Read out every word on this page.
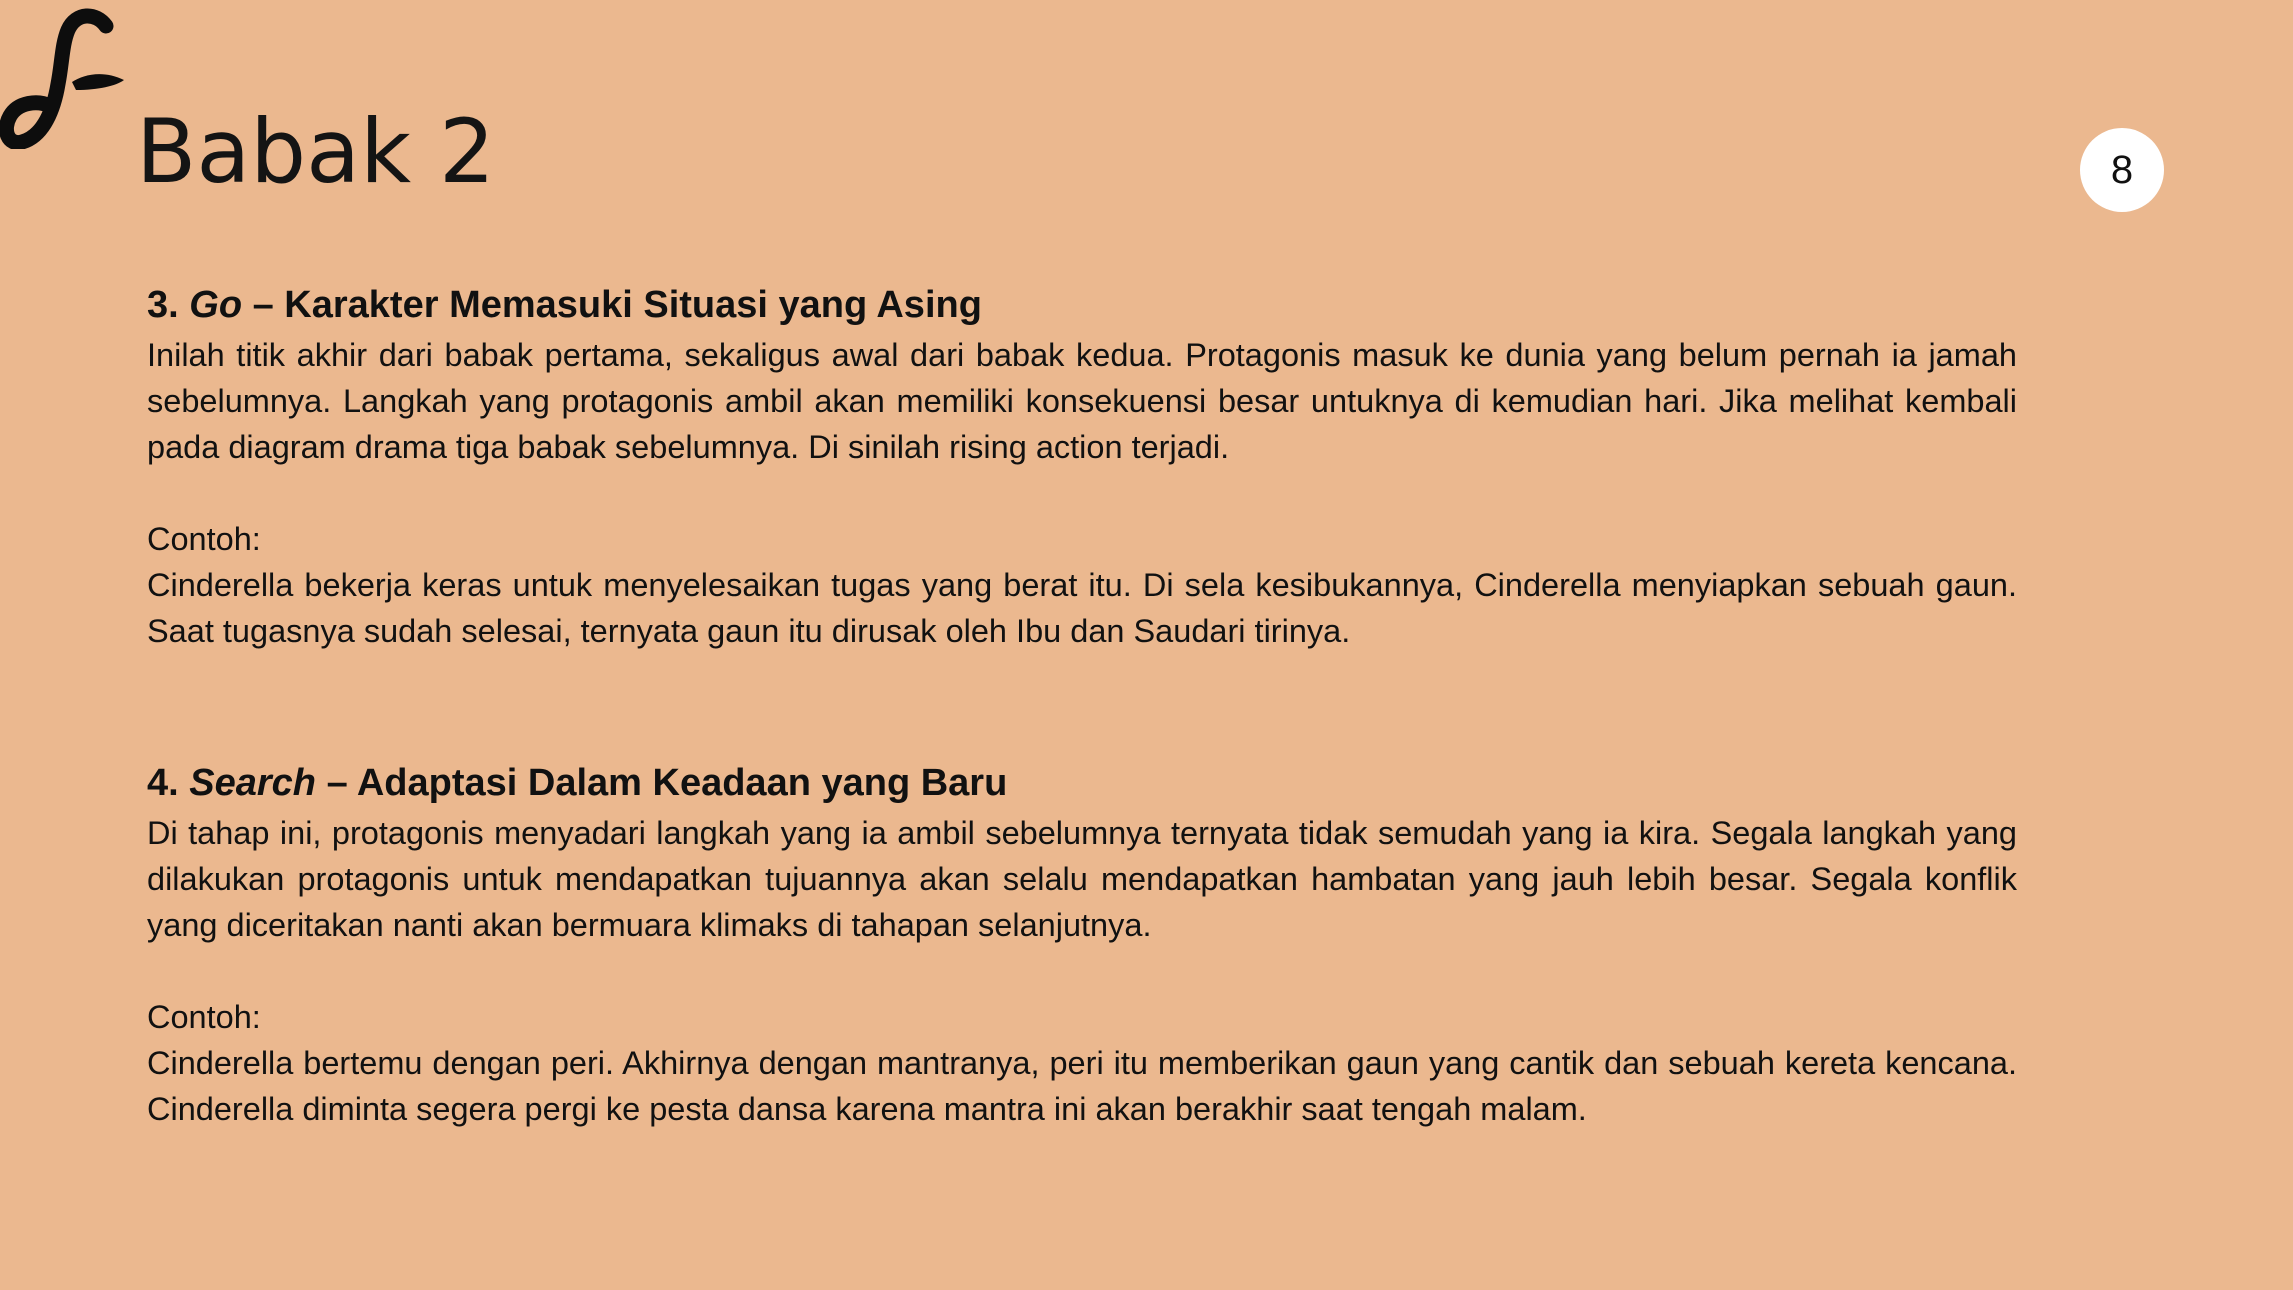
Babak 2	8
3. Go – Karakter Memasuki Situasi yang Asing

Inilah titik akhir dari babak pertama, sekaligus awal dari babak kedua. Protagonis masuk ke dunia yang belum pernah ia jamah sebelumnya. Langkah yang protagonis ambil akan memiliki konsekuensi besar untuknya di kemudian hari. Jika melihat kembali pada diagram drama tiga babak sebelumnya. Di sinilah rising action terjadi.

Contoh:

Cinderella bekerja keras untuk menyelesaikan tugas yang berat itu. Di sela kesibukannya, Cinderella menyiapkan sebuah gaun. Saat tugasnya sudah selesai, ternyata gaun itu dirusak oleh Ibu dan Saudari tirinya.

4. Search – Adaptasi Dalam Keadaan yang Baru

Di tahap ini, protagonis menyadari langkah yang ia ambil sebelumnya ternyata tidak semudah yang ia kira. Segala langkah yang dilakukan protagonis untuk mendapatkan tujuannya akan selalu mendapatkan hambatan yang jauh lebih besar. Segala konflik yang diceritakan nanti akan bermuara klimaks di tahapan selanjutnya.

Contoh:

Cinderella bertemu dengan peri. Akhirnya dengan mantranya, peri itu memberikan gaun yang cantik dan sebuah kereta kencana. Cinderella diminta segera pergi ke pesta dansa karena mantra ini akan berakhir saat tengah malam.
